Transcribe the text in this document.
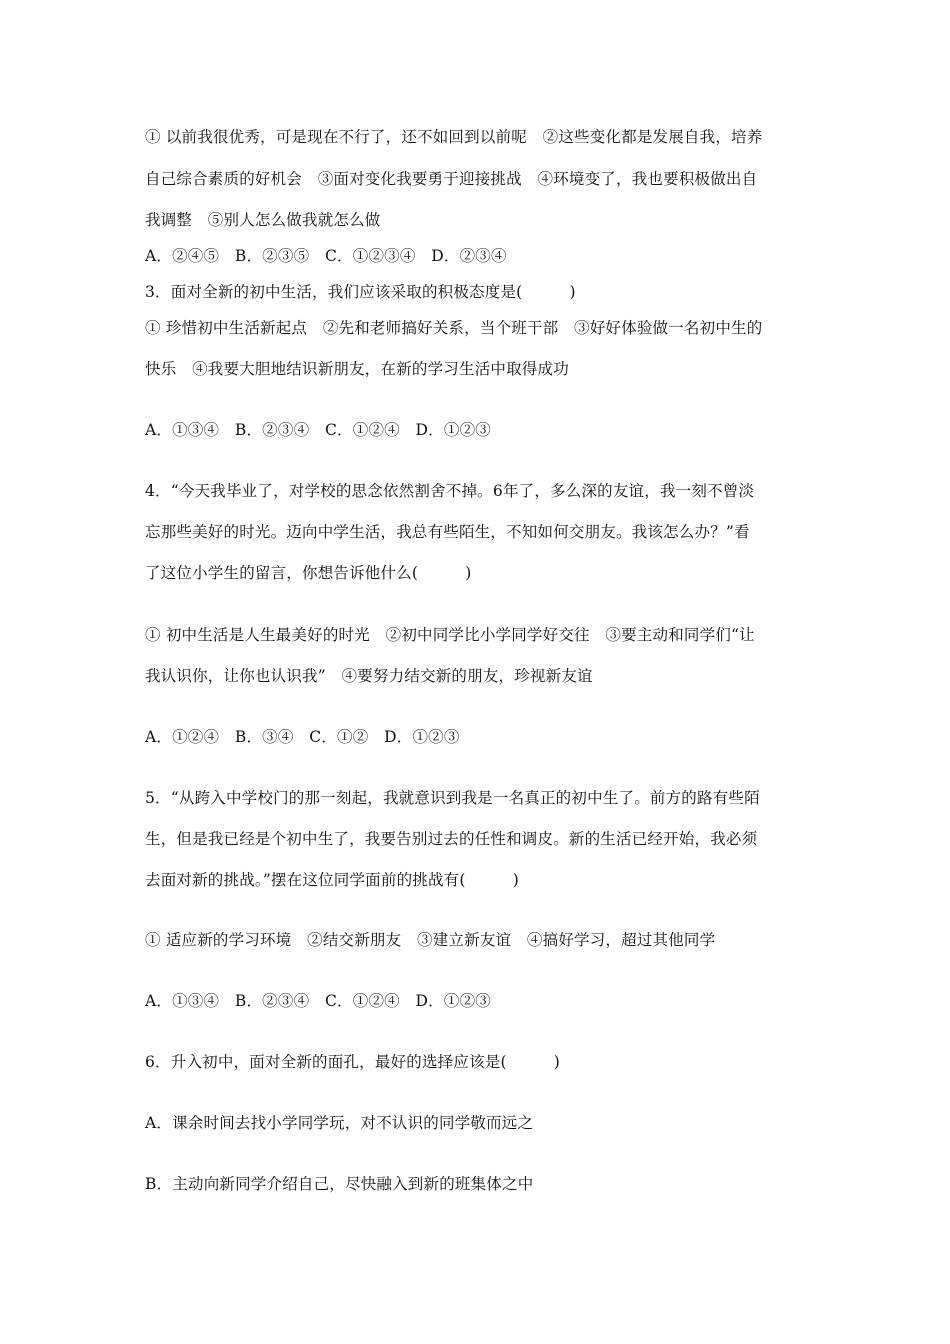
① 以前我很优秀，可是现在不行了，还不如回到以前呢　②这些变化都是发展自我，培养
自己综合素质的好机会　③面对变化我要勇于迎接挑战　④环境变了，我也要积极做出自
我调整　⑤别人怎么做我就怎么做
A．②④⑤　B．②③⑤　C．①②③④　D．②③④
3．面对全新的初中生活，我们应该采取的积极态度是(　　　)
① 珍惜初中生活新起点　②先和老师搞好关系，当个班干部　③好好体验做一名初中生的
快乐　④我要大胆地结识新朋友，在新的学习生活中取得成功
A．①③④　B．②③④　C．①②④　D．①②③
4．“今天我毕业了，对学校的思念依然割舍不掉。6年了，多么深的友谊，我一刻不曾淡
忘那些美好的时光。迈向中学生活，我总有些陌生，不知如何交朋友。我该怎么办？”看
了这位小学生的留言，你想告诉他什么(　　　)
① 初中生活是人生最美好的时光　②初中同学比小学同学好交往　③要主动和同学们“让
我认识你，让你也认识我”　④要努力结交新的朋友，珍视新友谊
A．①②④　B．③④　C．①②　D．①②③
5．“从跨入中学校门的那一刻起，我就意识到我是一名真正的初中生了。前方的路有些陌
生，但是我已经是个初中生了，我要告别过去的任性和调皮。新的生活已经开始，我必须
去面对新的挑战。”摆在这位同学面前的挑战有(　　　)
① 适应新的学习环境　②结交新朋友　③建立新友谊　④搞好学习，超过其他同学
A．①③④　B．②③④　C．①②④　D．①②③
6．升入初中，面对全新的面孔，最好的选择应该是(　　　)
A．课余时间去找小学同学玩，对不认识的同学敬而远之
B．主动向新同学介绍自己，尽快融入到新的班集体之中
